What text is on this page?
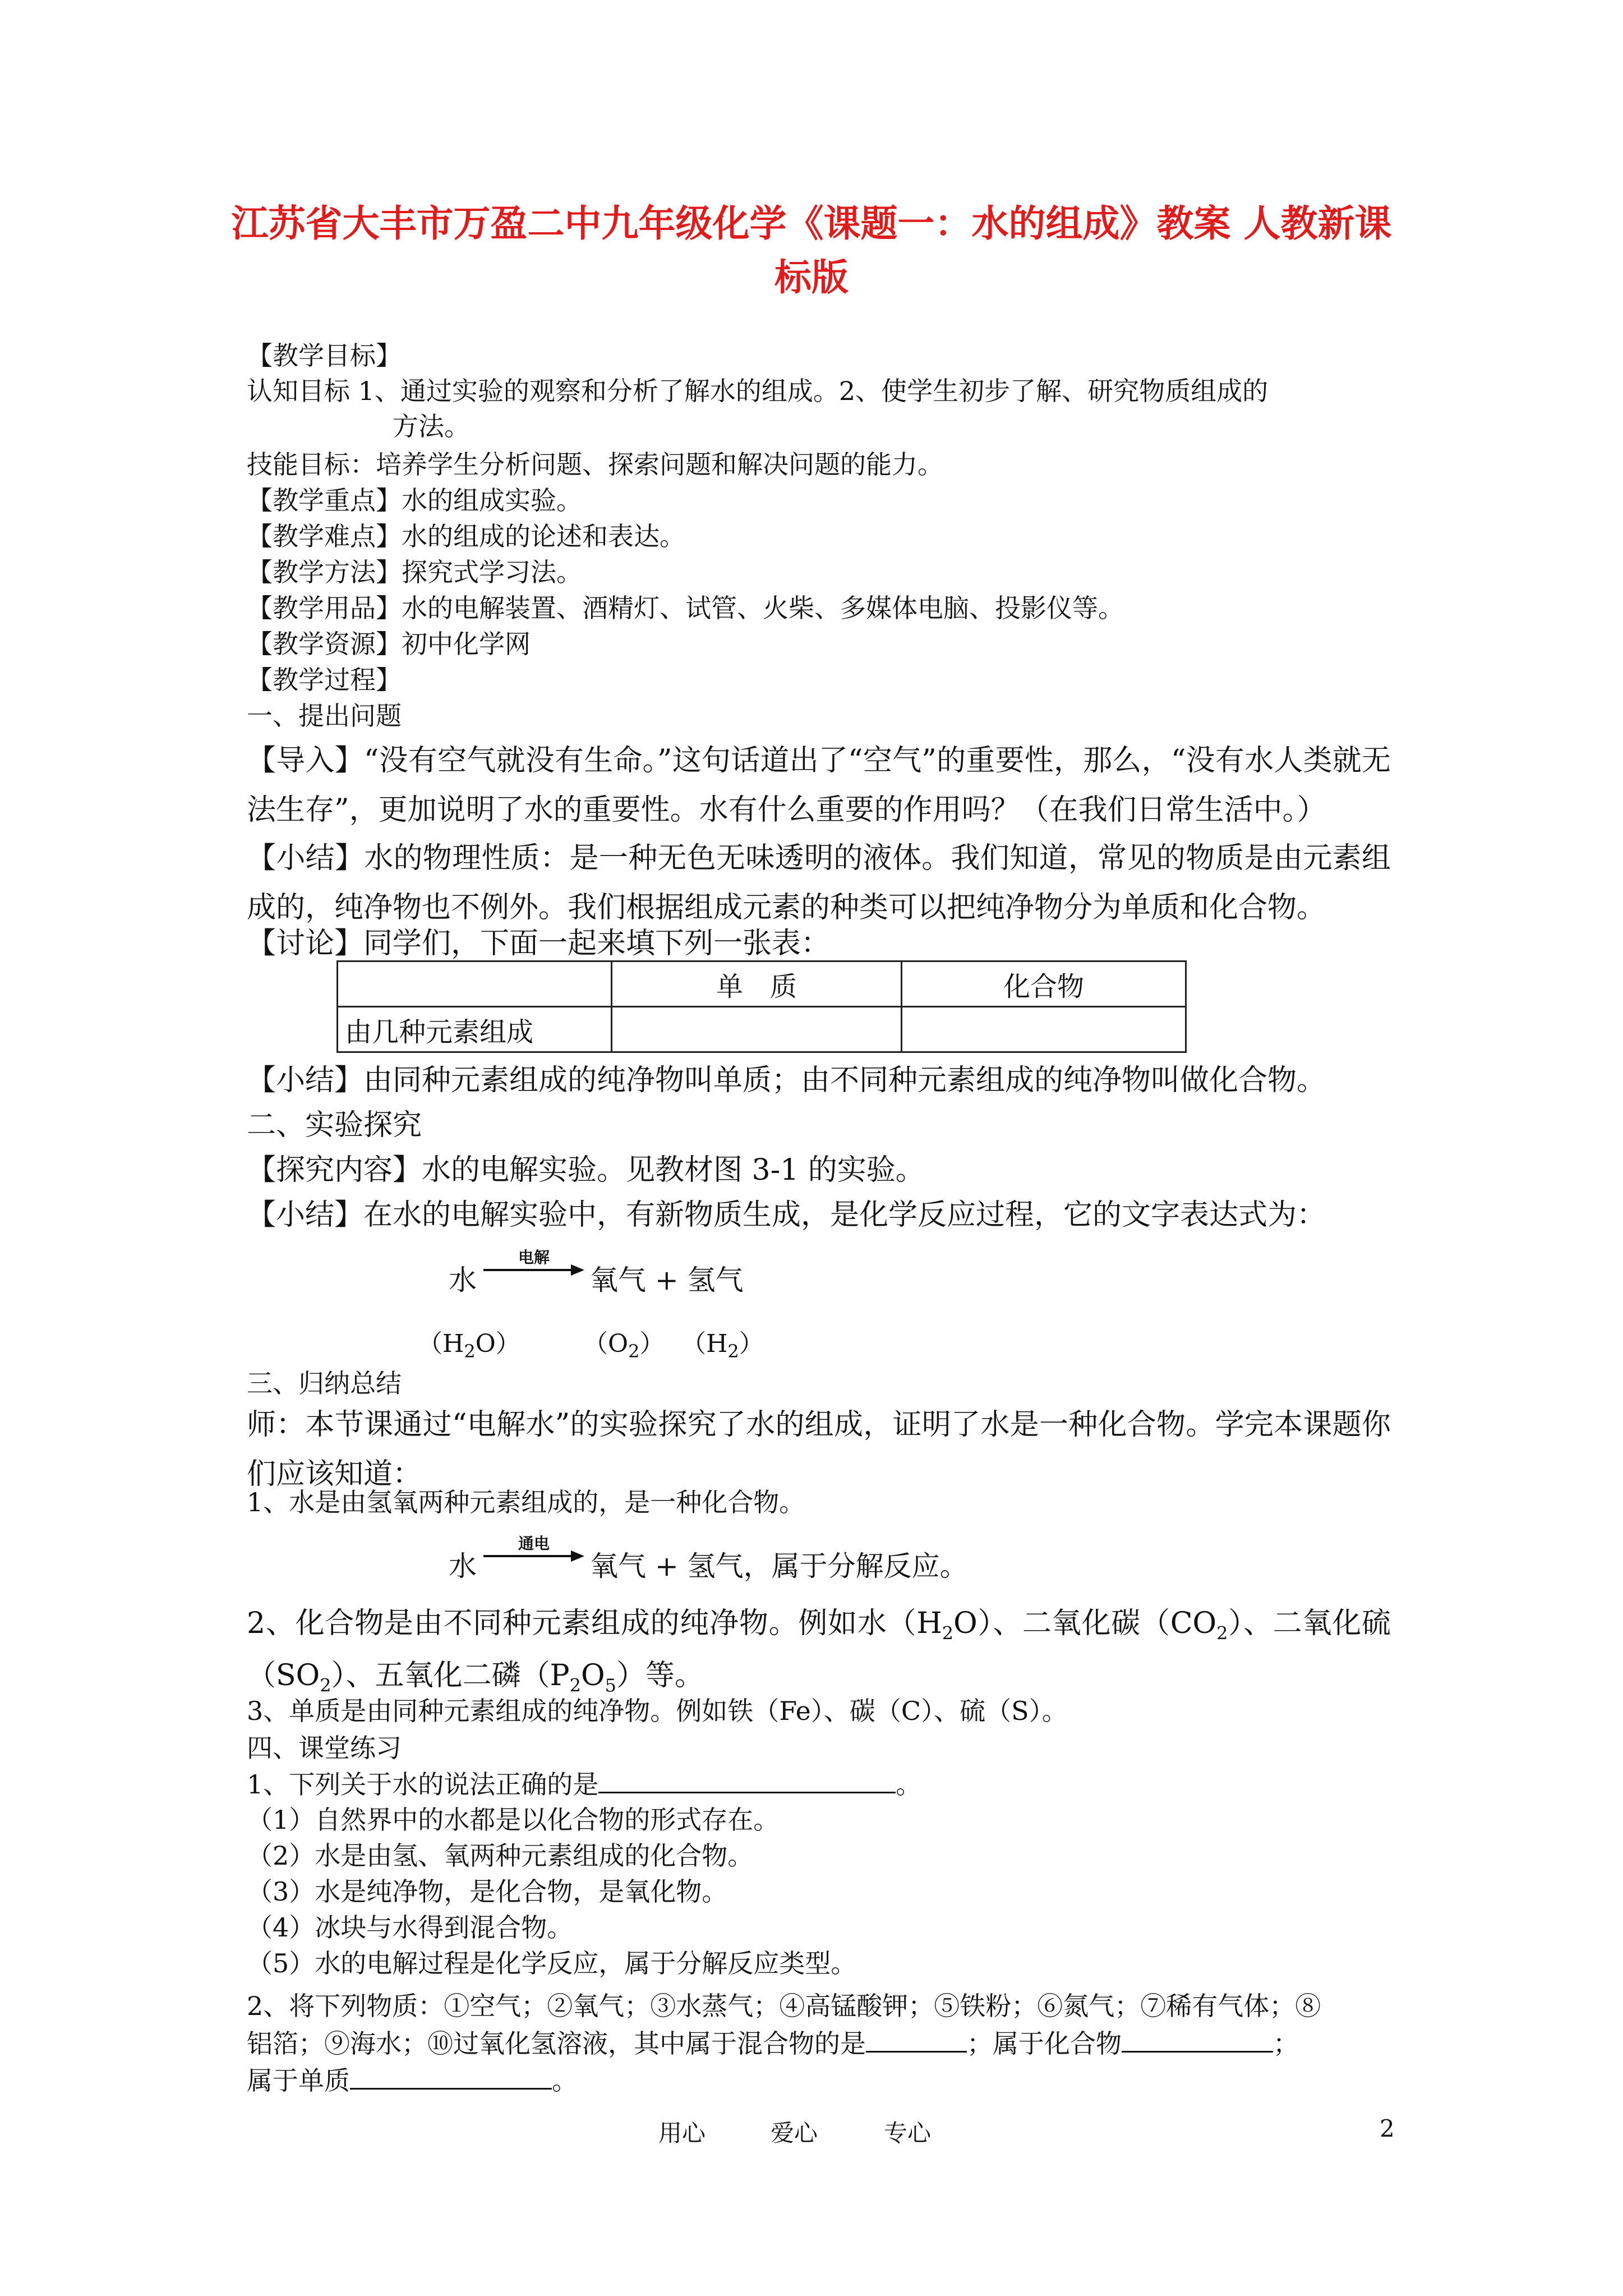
江苏省大丰市万盈二中九年级化学《课题一：水的组成》教案 人教新课标版
【教学目标】
认知目标 1、通过实验的观察和分析了解水的组成。2、使学生初步了解、研究物质组成的
方法。
技能目标：培养学生分析问题、探索问题和解决问题的能力。
【教学重点】水的组成实验。
【教学难点】水的组成的论述和表达。
【教学方法】探究式学习法。
【教学用品】水的电解装置、酒精灯、试管、火柴、多媒体电脑、投影仪等。
【教学资源】初中化学网
【教学过程】
一、提出问题
【导入】“没有空气就没有生命。”这句话道出了“空气”的重要性，那么，“没有水人类就无法生存”，更加说明了水的重要性。水有什么重要的作用吗？（在我们日常生活中。）
【小结】水的物理性质：是一种无色无味透明的液体。我们知道，常见的物质是由元素组成的，纯净物也不例外。我们根据组成元素的种类可以把纯净物分为单质和化合物。
【讨论】同学们，下面一起来填下列一张表：
	单　质	化合物
由几种元素组成		
【小结】由同种元素组成的纯净物叫单质；由不同种元素组成的纯净物叫做化合物。
二、实验探究
【探究内容】水的电解实验。见教材图 3-1 的实验。
【小结】在水的电解实验中，有新物质生成，是化学反应过程，它的文字表达式为：
水
电解
氧气 + 氢气
$(H_2O)$	$(O_2)$ $(H_2)$
三、归纳总结
师：本节课通过“电解水”的实验探究了水的组成，证明了水是一种化合物。学完本课题你们应该知道：
1、水是由氢氧两种元素组成的，是一种化合物。
水
通电
氧气 + 氢气，属于分解反应。
2、化合物是由不同种元素组成的纯净物。例如水$(H_2O)$、二氧化碳$(CO_2)$、二氧化硫$(SO_2)$、五氧化二磷$(P_2O_5)$等。
3、单质是由同种元素组成的纯净物。例如铁（Fe）、碳（C）、硫（S）。
四、课堂练习
1、下列关于水的说法正确的是	。
（1）自然界中的水都是以化合物的形式存在。
（2）水是由氢、氧两种元素组成的化合物。
（3）水是纯净物，是化合物，是氧化物。
（4）冰块与水得到混合物。
（5）水的电解过程是化学反应，属于分解反应类型。
2、将下列物质：①空气；②氧气；③水蒸气；④高锰酸钾；⑤铁粉；⑥氮气；⑦稀有气体；⑧
铝箔；⑨海水；⑩过氧化氢溶液，其中属于混合物的是	；属于化合物	；
属于单质	。
用心	爱心	专心	2
